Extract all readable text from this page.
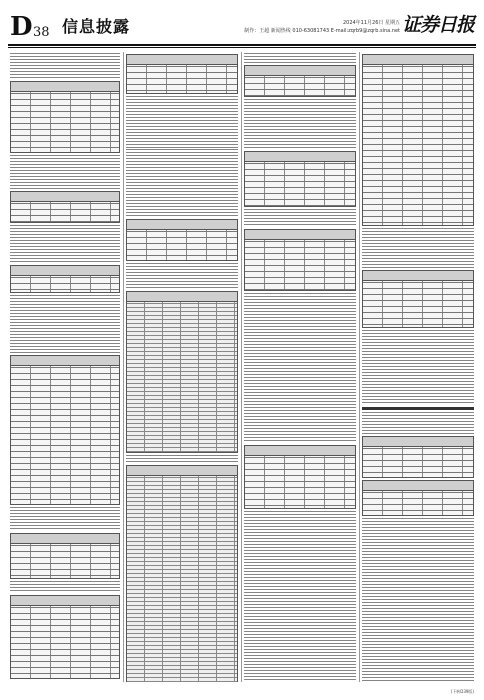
D 38 信息披露	2024年11月26日 星期五
制作：王超 新闻热线 010-63081743 E-mail:zqrb9@zqrb.sina.net 证券日报
(下转D39版)
